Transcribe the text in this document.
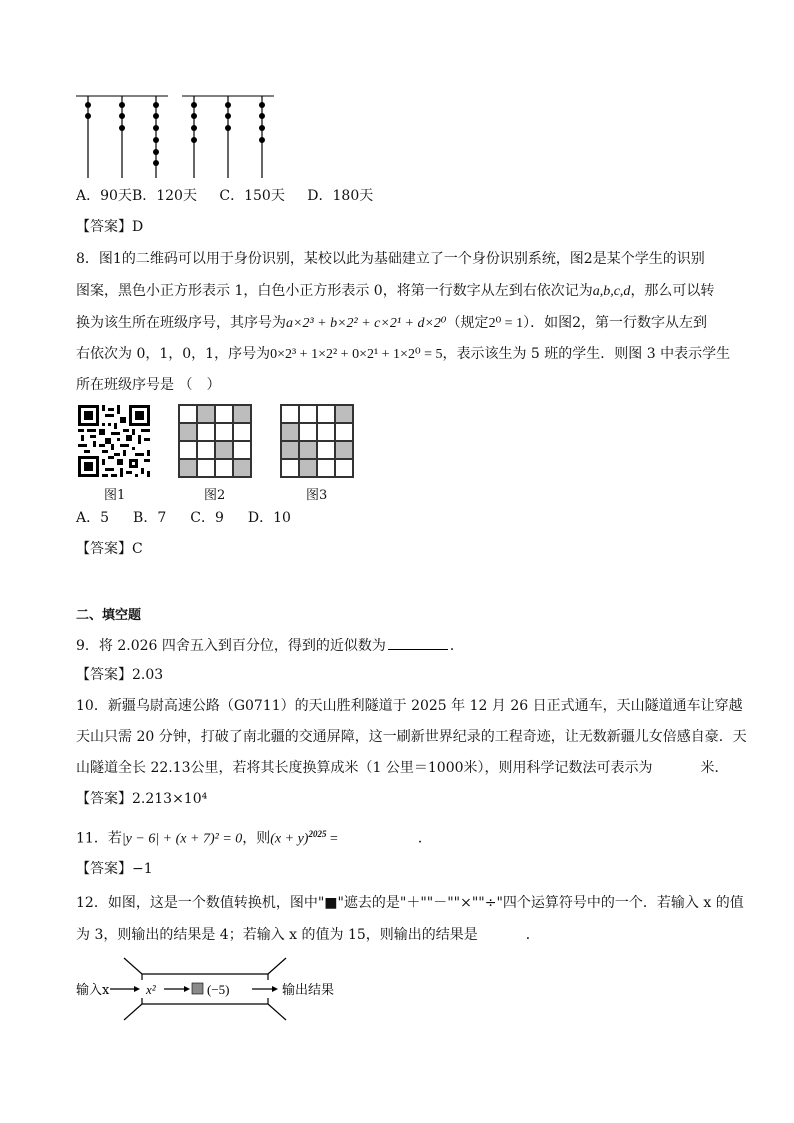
A．90天B．120天 C．150天 D．180天
【答案】D
8．图1的二维码可以用于身份识别，某校以此为基础建立了一个身份识别系统，图2是某个学生的识别
图案，黑色小正方形表示 1，白色小正方形表示 0，将第一行数字从左到右依次记为a,b,c,d，那么可以转
换为该生所在班级序号，其序号为a×2³ + b×2² + c×2¹ + d×2⁰（规定2⁰ = 1）．如图2，第一行数字从左到
右依次为 0，1，0，1，序号为0×2³ + 1×2² + 0×2¹ + 1×2⁰ = 5，表示该生为 5 班的学生．则图 3 中表示学生
所在班级序号是 （　）
图1	图2	图3
A．5 B．7 C．9 D．10
【答案】C
二、填空题
9．将 2.026 四舍五入到百分位，得到的近似数为	．
【答案】2.03
10．新疆乌尉高速公路（G0711）的天山胜利隧道于 2025 年 12 月 26 日正式通车，天山隧道通车让穿越
天山只需 20 分钟，打破了南北疆的交通屏障，这一刷新世界纪录的工程奇迹，让无数新疆儿女倍感自豪．天
山隧道全长 22.13公里，若将其长度换算成米（1 公里＝1000米），则用科学记数法可表示为	米．
【答案】2.213×10⁴
11．若|y − 6| + (x + 7)² = 0，则$(x + y)^{2025}$ =	．
【答案】−1
12．如图，这是一个数值转换机，图中"■"遮去的是"＋""－""×""÷"四个运算符号中的一个．若输入 x 的值
为 3，则输出的结果是 4；若输入 x 的值为 15，则输出的结果是	．
输入x	x²	(−5)	输出结果
